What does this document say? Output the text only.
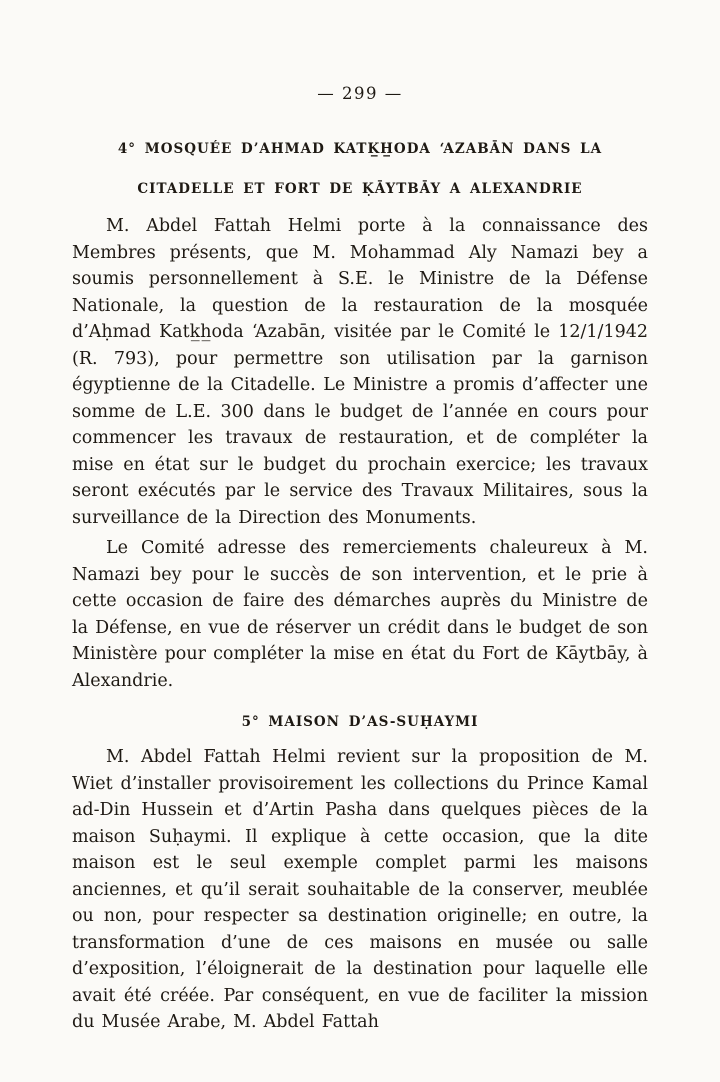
— 299 —
4° MOSQUÉE D’AHMAD KATK̲H̲ODA ‘AZABĀN DANS LA
CITADELLE ET FORT DE ḲĀYTBĀY A ALEXANDRIE

M. Abdel Fattah Helmi porte à la connaissance des Membres présents, que M. Mohammad Aly Namazi bey a soumis personnellement à S.E. le Ministre de la Défense Nationale, la question de la restauration de la mosquée d’Aḥmad Katk̲h̲oda ‘Azabān, visitée par le Comité le 12/1/1942 (R. 793), pour permettre son utilisation par la garnison égyptienne de la Citadelle. Le Ministre a promis d’affecter une somme de L.E. 300 dans le budget de l’année en cours pour commencer les travaux de restauration, et de compléter la mise en état sur le budget du prochain exercice; les travaux seront exécutés par le service des Travaux Militaires, sous la surveillance de la Direction des Monuments.

Le Comité adresse des remerciements chaleureux à M. Namazi bey pour le succès de son intervention, et le prie à cette occasion de faire des démarches auprès du Ministre de la Défense, en vue de réserver un crédit dans le budget de son Ministère pour compléter la mise en état du Fort de Kāytbāy, à Alexandrie.

5° MAISON D’AS-SUḤAYMI

M. Abdel Fattah Helmi revient sur la proposition de M. Wiet d’installer provisoirement les collections du Prince Kamal ad-Din Hussein et d’Artin Pasha dans quelques pièces de la maison Suḥaymi. Il explique à cette occasion, que la dite maison est le seul exemple complet parmi les maisons anciennes, et qu’il serait souhaitable de la conserver, meublée ou non, pour respecter sa destination originelle; en outre, la transformation d’une de ces maisons en musée ou salle d’exposition, l’éloignerait de la destination pour laquelle elle avait été créée. Par conséquent, en vue de faciliter la mission du Musée Arabe, M. Abdel Fattah
